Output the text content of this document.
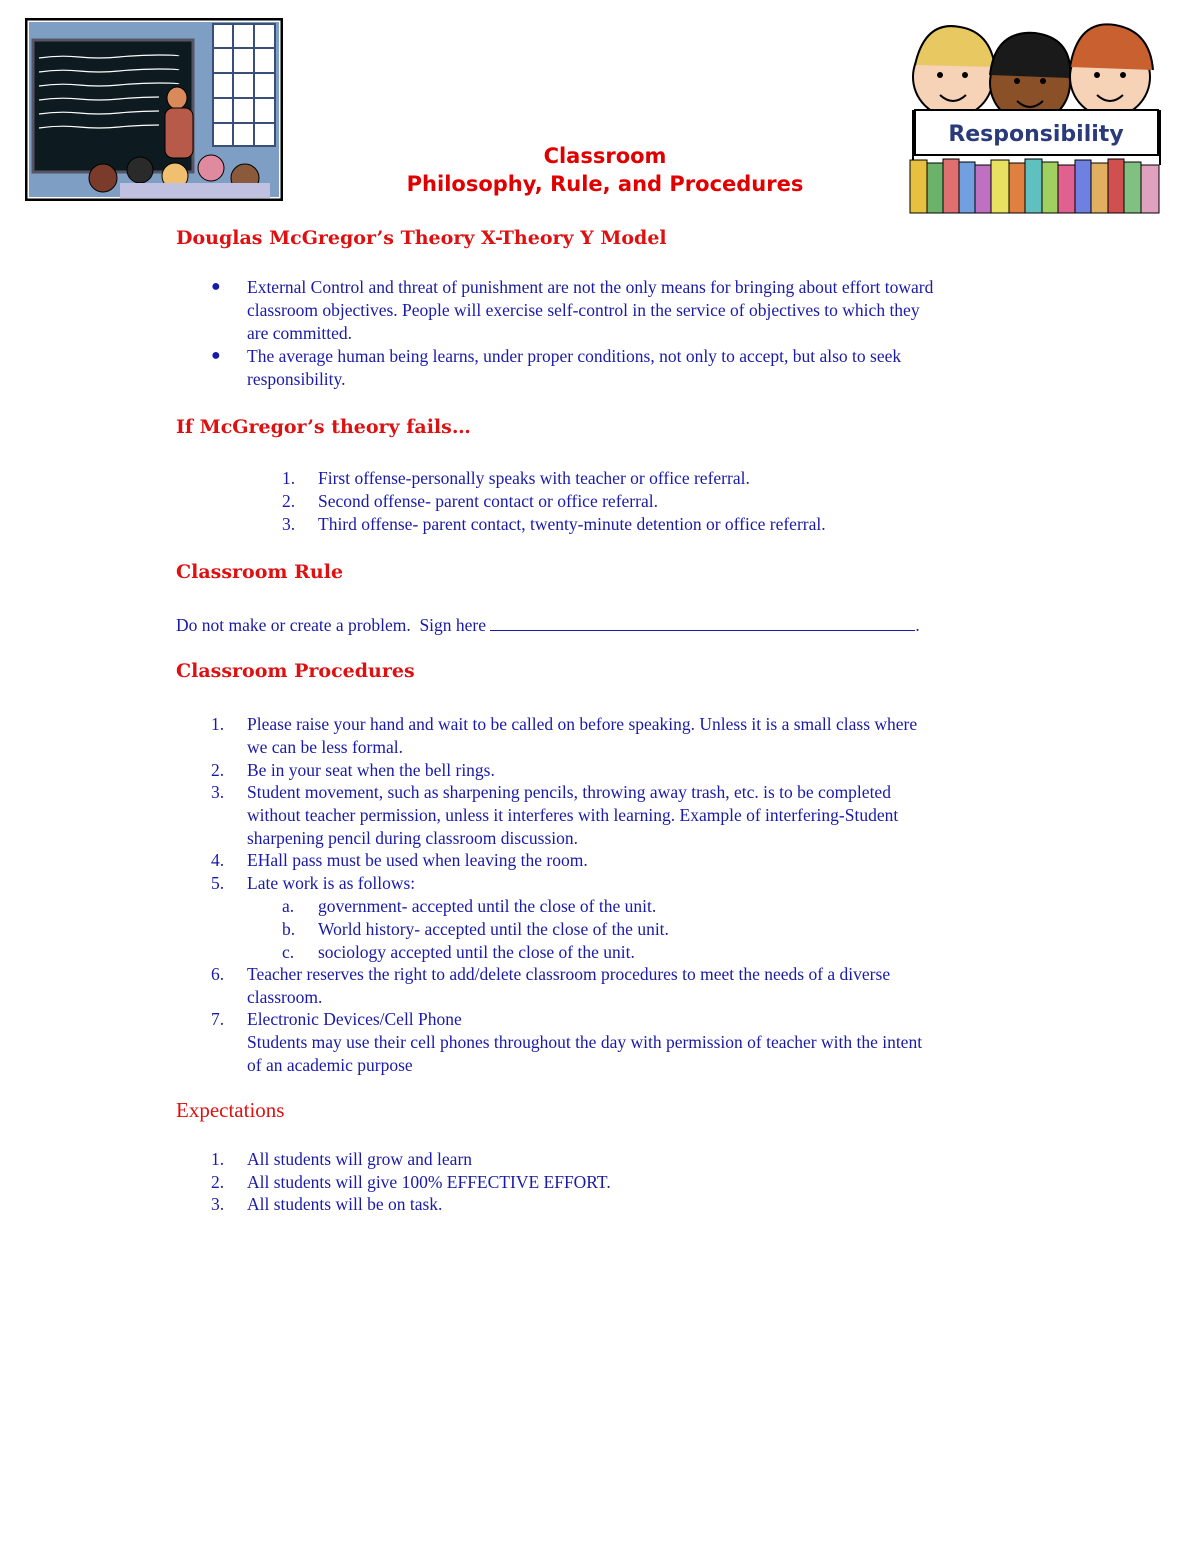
Responsibility
Classroom
Philosophy, Rule, and Procedures
Douglas McGregor’s Theory X-Theory Y Model
● External Control and threat of punishment are not the only means for bringing about effort toward
classroom objectives. People will exercise self-control in the service of objectives to which they
are committed.
● The average human being learns, under proper conditions, not only to accept, but also to seek
responsibility.
If McGregor’s theory fails…
1. First offense-personally speaks with teacher or office referral.
2. Second offense- parent contact or office referral.
3. Third offense- parent contact, twenty-minute detention or office referral.
Classroom Rule
Do not make or create a problem.  Sign here	.
Classroom Procedures
1. Please raise your hand and wait to be called on before speaking. Unless it is a small class where
we can be less formal.
2. Be in your seat when the bell rings.
3. Student movement, such as sharpening pencils, throwing away trash, etc. is to be completed
without teacher permission, unless it interferes with learning. Example of interfering-Student
sharpening pencil during classroom discussion.
4. EHall pass must be used when leaving the room.
5. Late work is as follows:
a. government- accepted until the close of the unit.
b. World history- accepted until the close of the unit.
c. sociology accepted until the close of the unit.
6. Teacher reserves the right to add/delete classroom procedures to meet the needs of a diverse
classroom.
7. Electronic Devices/Cell Phone
Students may use their cell phones throughout the day with permission of teacher with the intent
of an academic purpose
Expectations
1. All students will grow and learn
2. All students will give 100% EFFECTIVE EFFORT.
3. All students will be on task.
